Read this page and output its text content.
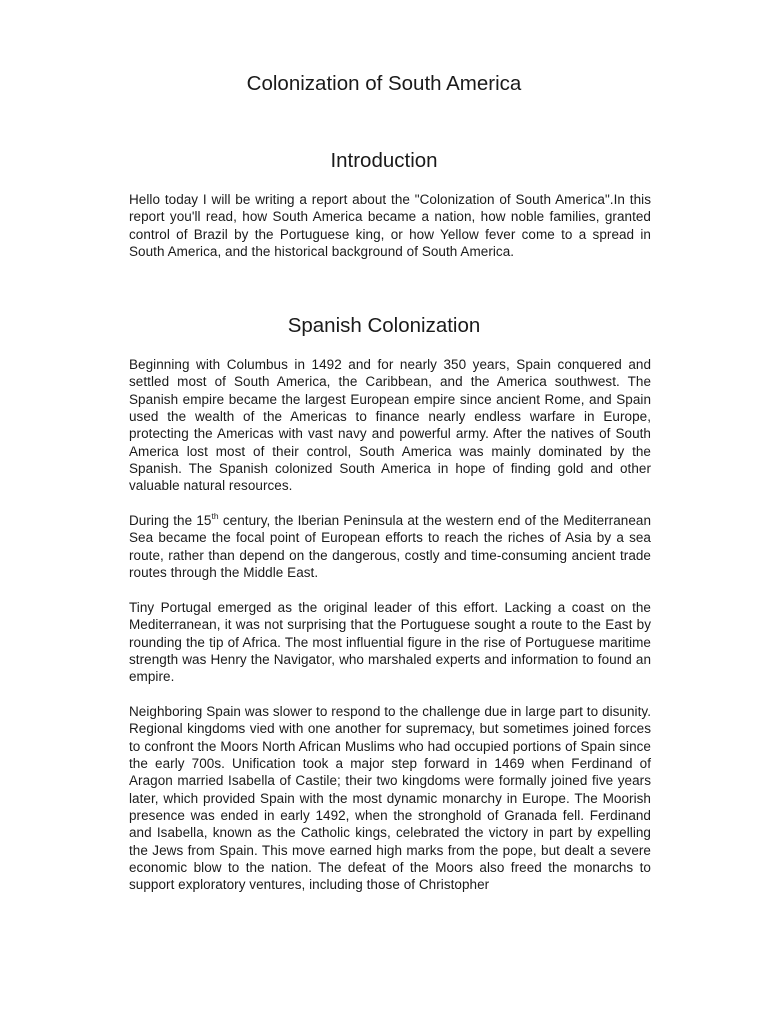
Colonization of South America
Introduction

Hello today I will be writing a report about the "Colonization of South America".In this report you'll read, how South America became a nation, how noble families, granted control of Brazil by the Portuguese king, or how Yellow fever come to a spread in South America, and the historical background of South America.

Spanish Colonization

Beginning with Columbus in 1492 and for nearly 350 years, Spain conquered and settled most of South America, the Caribbean, and the America southwest. The Spanish empire became the largest European empire since ancient Rome, and Spain used the wealth of the Americas to finance nearly endless warfare in Europe, protecting the Americas with vast navy and powerful army. After the natives of South America lost most of their control, South America was mainly dominated by the Spanish. The Spanish colonized South America in hope of finding gold and other valuable natural resources.

During the 15th century, the Iberian Peninsula at the western end of the Mediterranean Sea became the focal point of European efforts to reach the riches of Asia by a sea route, rather than depend on the dangerous, costly and time-consuming ancient trade routes through the Middle East.

Tiny Portugal emerged as the original leader of this effort. Lacking a coast on the Mediterranean, it was not surprising that the Portuguese sought a route to the East by rounding the tip of Africa. The most influential figure in the rise of Portuguese maritime strength was Henry the Navigator, who marshaled experts and information to found an empire.

Neighboring Spain was slower to respond to the challenge due in large part to disunity. Regional kingdoms vied with one another for supremacy, but sometimes joined forces to confront the Moors North African Muslims who had occupied portions of Spain since the early 700s. Unification took a major step forward in 1469 when Ferdinand of Aragon married Isabella of Castile; their two kingdoms were formally joined five years later, which provided Spain with the most dynamic monarchy in Europe. The Moorish presence was ended in early 1492, when the stronghold of Granada fell. Ferdinand and Isabella, known as the Catholic kings, celebrated the victory in part by expelling the Jews from Spain. This move earned high marks from the pope, but dealt a severe economic blow to the nation. The defeat of the Moors also freed the monarchs to support exploratory ventures, including those of Christopher
